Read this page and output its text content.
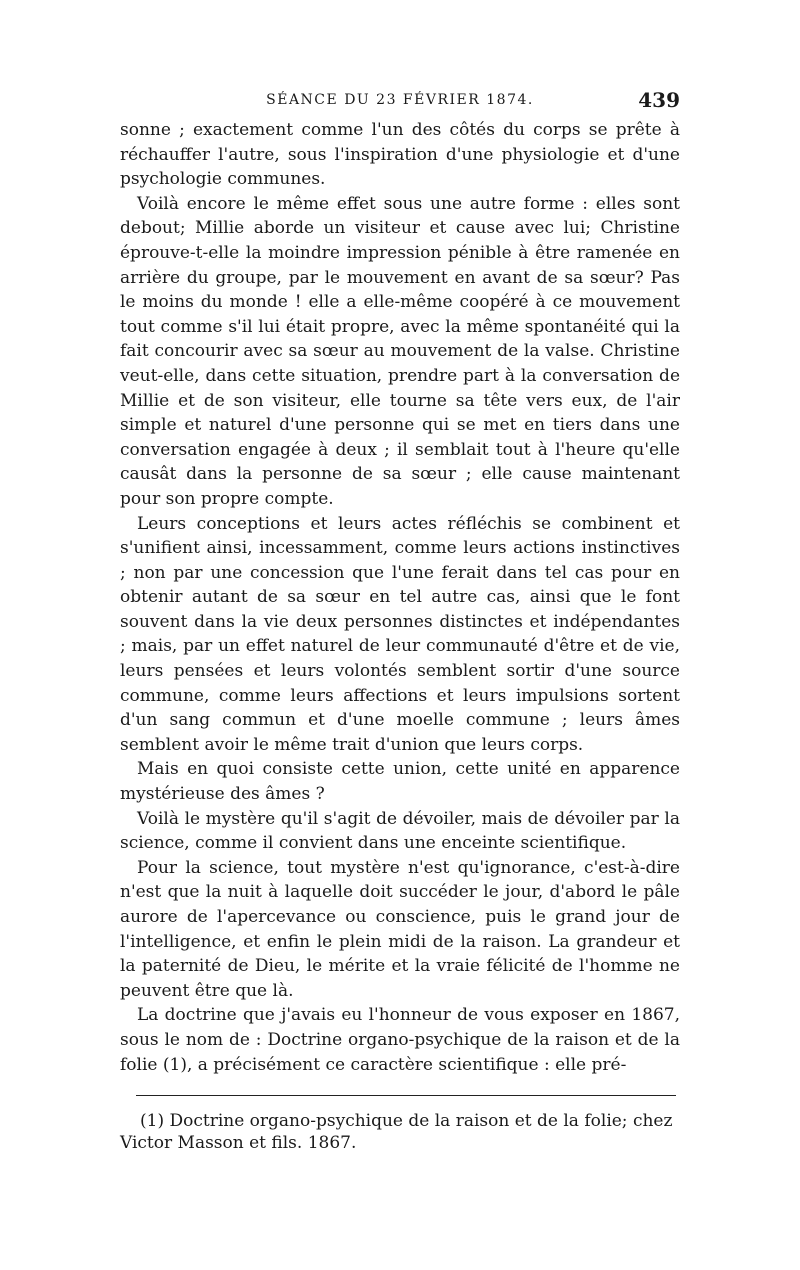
SÉANCE DU 23 FÉVRIER 1874.	439

sonne ; exactement comme l'un des côtés du corps se prête à réchauffer l'autre, sous l'inspiration d'une physiologie et d'une psychologie communes.

Voilà encore le même effet sous une autre forme : elles sont debout; Millie aborde un visiteur et cause avec lui; Christine éprouve-t-elle la moindre impression pénible à être ramenée en arrière du groupe, par le mouvement en avant de sa sœur? Pas le moins du monde ! elle a elle-même coopéré à ce mouvement tout comme s'il lui était propre, avec la même spontanéité qui la fait concourir avec sa sœur au mouvement de la valse. Christine veut-elle, dans cette situation, prendre part à la conversation de Millie et de son visiteur, elle tourne sa tête vers eux, de l'air simple et naturel d'une personne qui se met en tiers dans une conversation engagée à deux ; il semblait tout à l'heure qu'elle causât dans la personne de sa sœur ; elle cause maintenant pour son propre compte.

Leurs conceptions et leurs actes réfléchis se combinent et s'unifient ainsi, incessamment, comme leurs actions instinctives ; non par une concession que l'une ferait dans tel cas pour en obtenir autant de sa sœur en tel autre cas, ainsi que le font souvent dans la vie deux personnes distinctes et indépendantes ; mais, par un effet naturel de leur communauté d'être et de vie, leurs pensées et leurs volontés semblent sortir d'une source commune, comme leurs affections et leurs impulsions sortent d'un sang commun et d'une moelle commune ; leurs âmes semblent avoir le même trait d'union que leurs corps.

Mais en quoi consiste cette union, cette unité en apparence mystérieuse des âmes ?

Voilà le mystère qu'il s'agit de dévoiler, mais de dévoiler par la science, comme il convient dans une enceinte scientifique.

Pour la science, tout mystère n'est qu'ignorance, c'est-à-dire n'est que la nuit à laquelle doit succéder le jour, d'abord le pâle aurore de l'apercevance ou conscience, puis le grand jour de l'intelligence, et enfin le plein midi de la raison. La grandeur et la paternité de Dieu, le mérite et la vraie félicité de l'homme ne peuvent être que là.

La doctrine que j'avais eu l'honneur de vous exposer en 1867, sous le nom de : Doctrine organo-psychique de la raison et de la folie (1), a précisément ce caractère scientifique : elle pré-

(1) Doctrine organo-psychique de la raison et de la folie; chez Victor Masson et fils. 1867.
